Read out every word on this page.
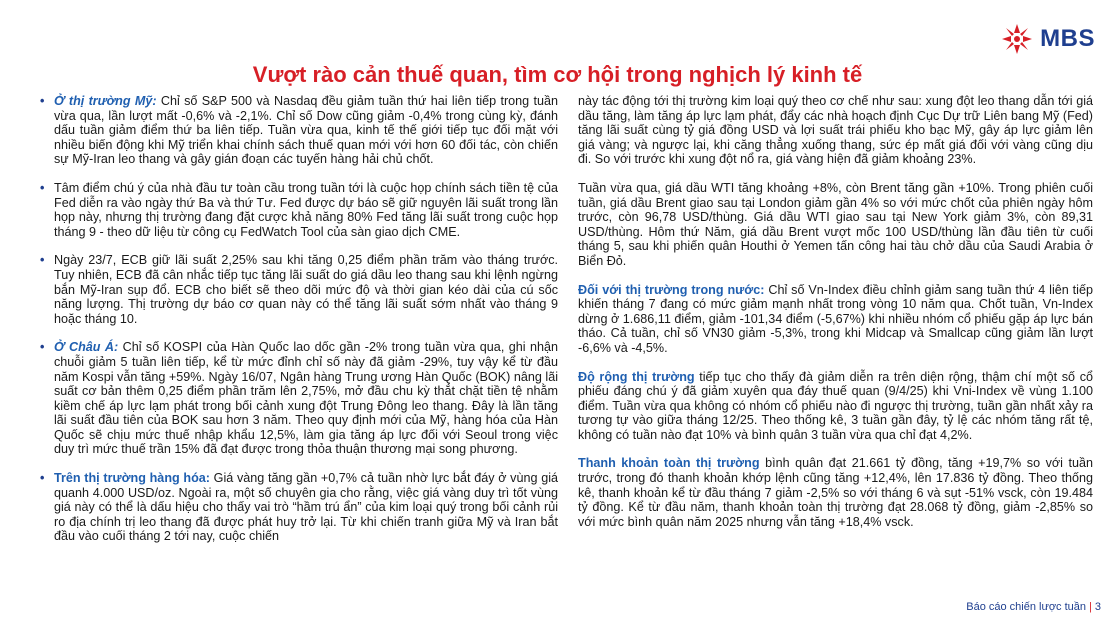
MBS
Vượt rào cản thuế quan, tìm cơ hội trong nghịch lý kinh tế

• Ở thị trường Mỹ: Chỉ số S&P 500 và Nasdaq đều giảm tuần thứ hai liên tiếp trong tuần vừa qua, lần lượt mất -0,6% và -2,1%. Chỉ số Dow cũng giảm -0,4% trong cùng kỳ, đánh dấu tuần giảm điểm thứ ba liên tiếp. Tuần vừa qua, kinh tế thế giới tiếp tục đối mặt với nhiều biến động khi Mỹ triển khai chính sách thuế quan mới với hơn 60 đối tác, còn chiến sự Mỹ-Iran leo thang và gây gián đoạn các tuyến hàng hải chủ chốt.

• Tâm điểm chú ý của nhà đầu tư toàn cầu trong tuần tới là cuộc họp chính sách tiền tệ của Fed diễn ra vào ngày thứ Ba và thứ Tư. Fed được dự báo sẽ giữ nguyên lãi suất trong lần họp này, nhưng thị trường đang đặt cược khả năng 80% Fed tăng lãi suất trong cuộc họp tháng 9 - theo dữ liệu từ công cụ FedWatch Tool của sàn giao dịch CME.

• Ngày 23/7, ECB giữ lãi suất 2,25% sau khi tăng 0,25 điểm phần trăm vào tháng trước. Tuy nhiên, ECB đã cân nhắc tiếp tục tăng lãi suất do giá dầu leo thang sau khi lệnh ngừng bắn Mỹ-Iran sụp đổ. ECB cho biết sẽ theo dõi mức độ và thời gian kéo dài của cú sốc năng lượng. Thị trường dự báo cơ quan này có thể tăng lãi suất sớm nhất vào tháng 9 hoặc tháng 10.

• Ở Châu Á: Chỉ số KOSPI của Hàn Quốc lao dốc gần -2% trong tuần vừa qua, ghi nhận chuỗi giảm 5 tuần liên tiếp, kể từ mức đỉnh chỉ số này đã giảm -29%, tuy vậy kể từ đầu năm Kospi vẫn tăng +59%. Ngày 16/07, Ngân hàng Trung ương Hàn Quốc (BOK) nâng lãi suất cơ bản thêm 0,25 điểm phần trăm lên 2,75%, mở đầu chu kỳ thắt chặt tiền tệ nhằm kiềm chế áp lực lạm phát trong bối cảnh xung đột Trung Đông leo thang. Đây là lần tăng lãi suất đầu tiên của BOK sau hơn 3 năm. Theo quy định mới của Mỹ, hàng hóa của Hàn Quốc sẽ chịu mức thuế nhập khẩu 12,5%, làm gia tăng áp lực đối với Seoul trong việc duy trì mức thuế trần 15% đã đạt được trong thỏa thuận thương mại song phương.

• Trên thị trường hàng hóa: Giá vàng tăng gần +0,7% cả tuần nhờ lực bắt đáy ở vùng giá quanh 4.000 USD/oz. Ngoài ra, một số chuyên gia cho rằng, việc giá vàng duy trì tốt vùng giá này có thể là dấu hiệu cho thấy vai trò “hầm trú ẩn” của kim loại quý trong bối cảnh rủi ro địa chính trị leo thang đã được phát huy trở lại. Từ khi chiến tranh giữa Mỹ và Iran bắt đầu vào cuối tháng 2 tới nay, cuộc chiến

này tác động tới thị trường kim loại quý theo cơ chế như sau: xung đột leo thang dẫn tới giá dầu tăng, làm tăng áp lực lạm phát, đẩy các nhà hoạch định Cục Dự trữ Liên bang Mỹ (Fed) tăng lãi suất cùng tỷ giá đồng USD và lợi suất trái phiếu kho bạc Mỹ, gây áp lực giảm lên giá vàng; và ngược lại, khi căng thẳng xuống thang, sức ép mất giá đối với vàng cũng dịu đi. So với trước khi xung đột nổ ra, giá vàng hiện đã giảm khoảng 23%.

Tuần vừa qua, giá dầu WTI tăng khoảng +8%, còn Brent tăng gần +10%. Trong phiên cuối tuần, giá dầu Brent giao sau tại London giảm gần 4% so với mức chốt của phiên ngày hôm trước, còn 96,78 USD/thùng. Giá dầu WTI giao sau tại New York giảm 3%, còn 89,31 USD/thùng. Hôm thứ Năm, giá dầu Brent vượt mốc 100 USD/thùng lần đầu tiên từ cuối tháng 5, sau khi phiến quân Houthi ở Yemen tấn công hai tàu chở dầu của Saudi Arabia ở Biển Đỏ.

Đối với thị trường trong nước: Chỉ số Vn-Index điều chỉnh giảm sang tuần thứ 4 liên tiếp khiến tháng 7 đang có mức giảm mạnh nhất trong vòng 10 năm qua. Chốt tuần, Vn-Index dừng ở 1.686,11 điểm, giảm -101,34 điểm (-5,67%) khi nhiều nhóm cổ phiếu gặp áp lực bán tháo. Cả tuần, chỉ số VN30 giảm -5,3%, trong khi Midcap và Smallcap cũng giảm lần lượt -6,6% và -4,5%.

Độ rộng thị trường tiếp tục cho thấy đà giảm diễn ra trên diện rộng, thậm chí một số cổ phiếu đáng chú ý đã giảm xuyên qua đáy thuế quan (9/4/25) khi Vni-Index về vùng 1.100 điểm. Tuần vừa qua không có nhóm cổ phiếu nào đi ngược thị trường, tuần gần nhất xảy ra tương tự vào giữa tháng 12/25. Theo thống kê, 3 tuần gần đây, tỷ lệ các nhóm tăng rất tệ, không có tuần nào đạt 10% và bình quân 3 tuần vừa qua chỉ đạt 4,2%.

Thanh khoản toàn thị trường bình quân đạt 21.661 tỷ đồng, tăng +19,7% so với tuần trước, trong đó thanh khoản khớp lệnh cũng tăng +12,4%, lên 17.836 tỷ đồng. Theo thống kê, thanh khoản kể từ đầu tháng 7 giảm -2,5% so với tháng 6 và sụt -51% vsck, còn 19.484 tỷ đồng. Kể từ đầu năm, thanh khoản toàn thị trường đạt 28.068 tỷ đồng, giảm -2,85% so với mức bình quân năm 2025 nhưng vẫn tăng +18,4% vsck.

Báo cáo chiến lược tuần | 3
